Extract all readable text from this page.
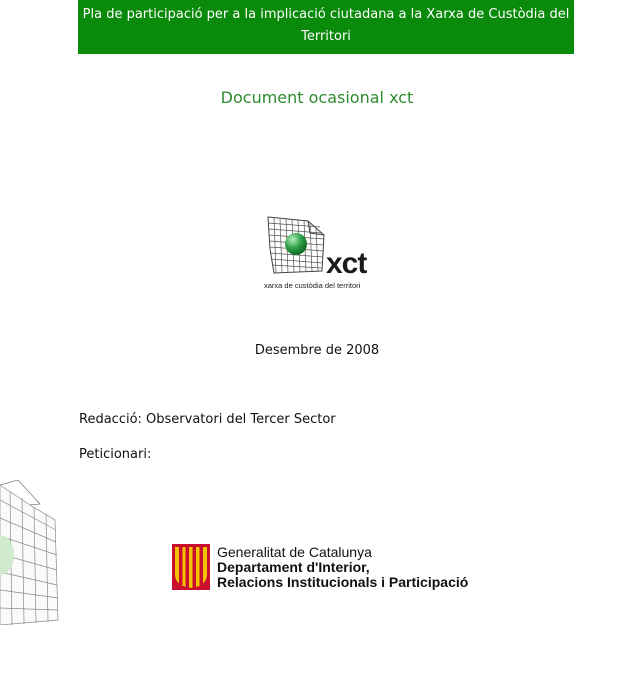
Pla de participació per a la implicació ciutadana a la Xarxa de Custòdia del
Territori
Document ocasional xct
xct
xarxa de custòdia del territori
Desembre de 2008
Redacció: Observatori del Tercer Sector
Peticionari:
Generalitat de Catalunya
Departament d'Interior,
Relacions Institucionals i Participació
